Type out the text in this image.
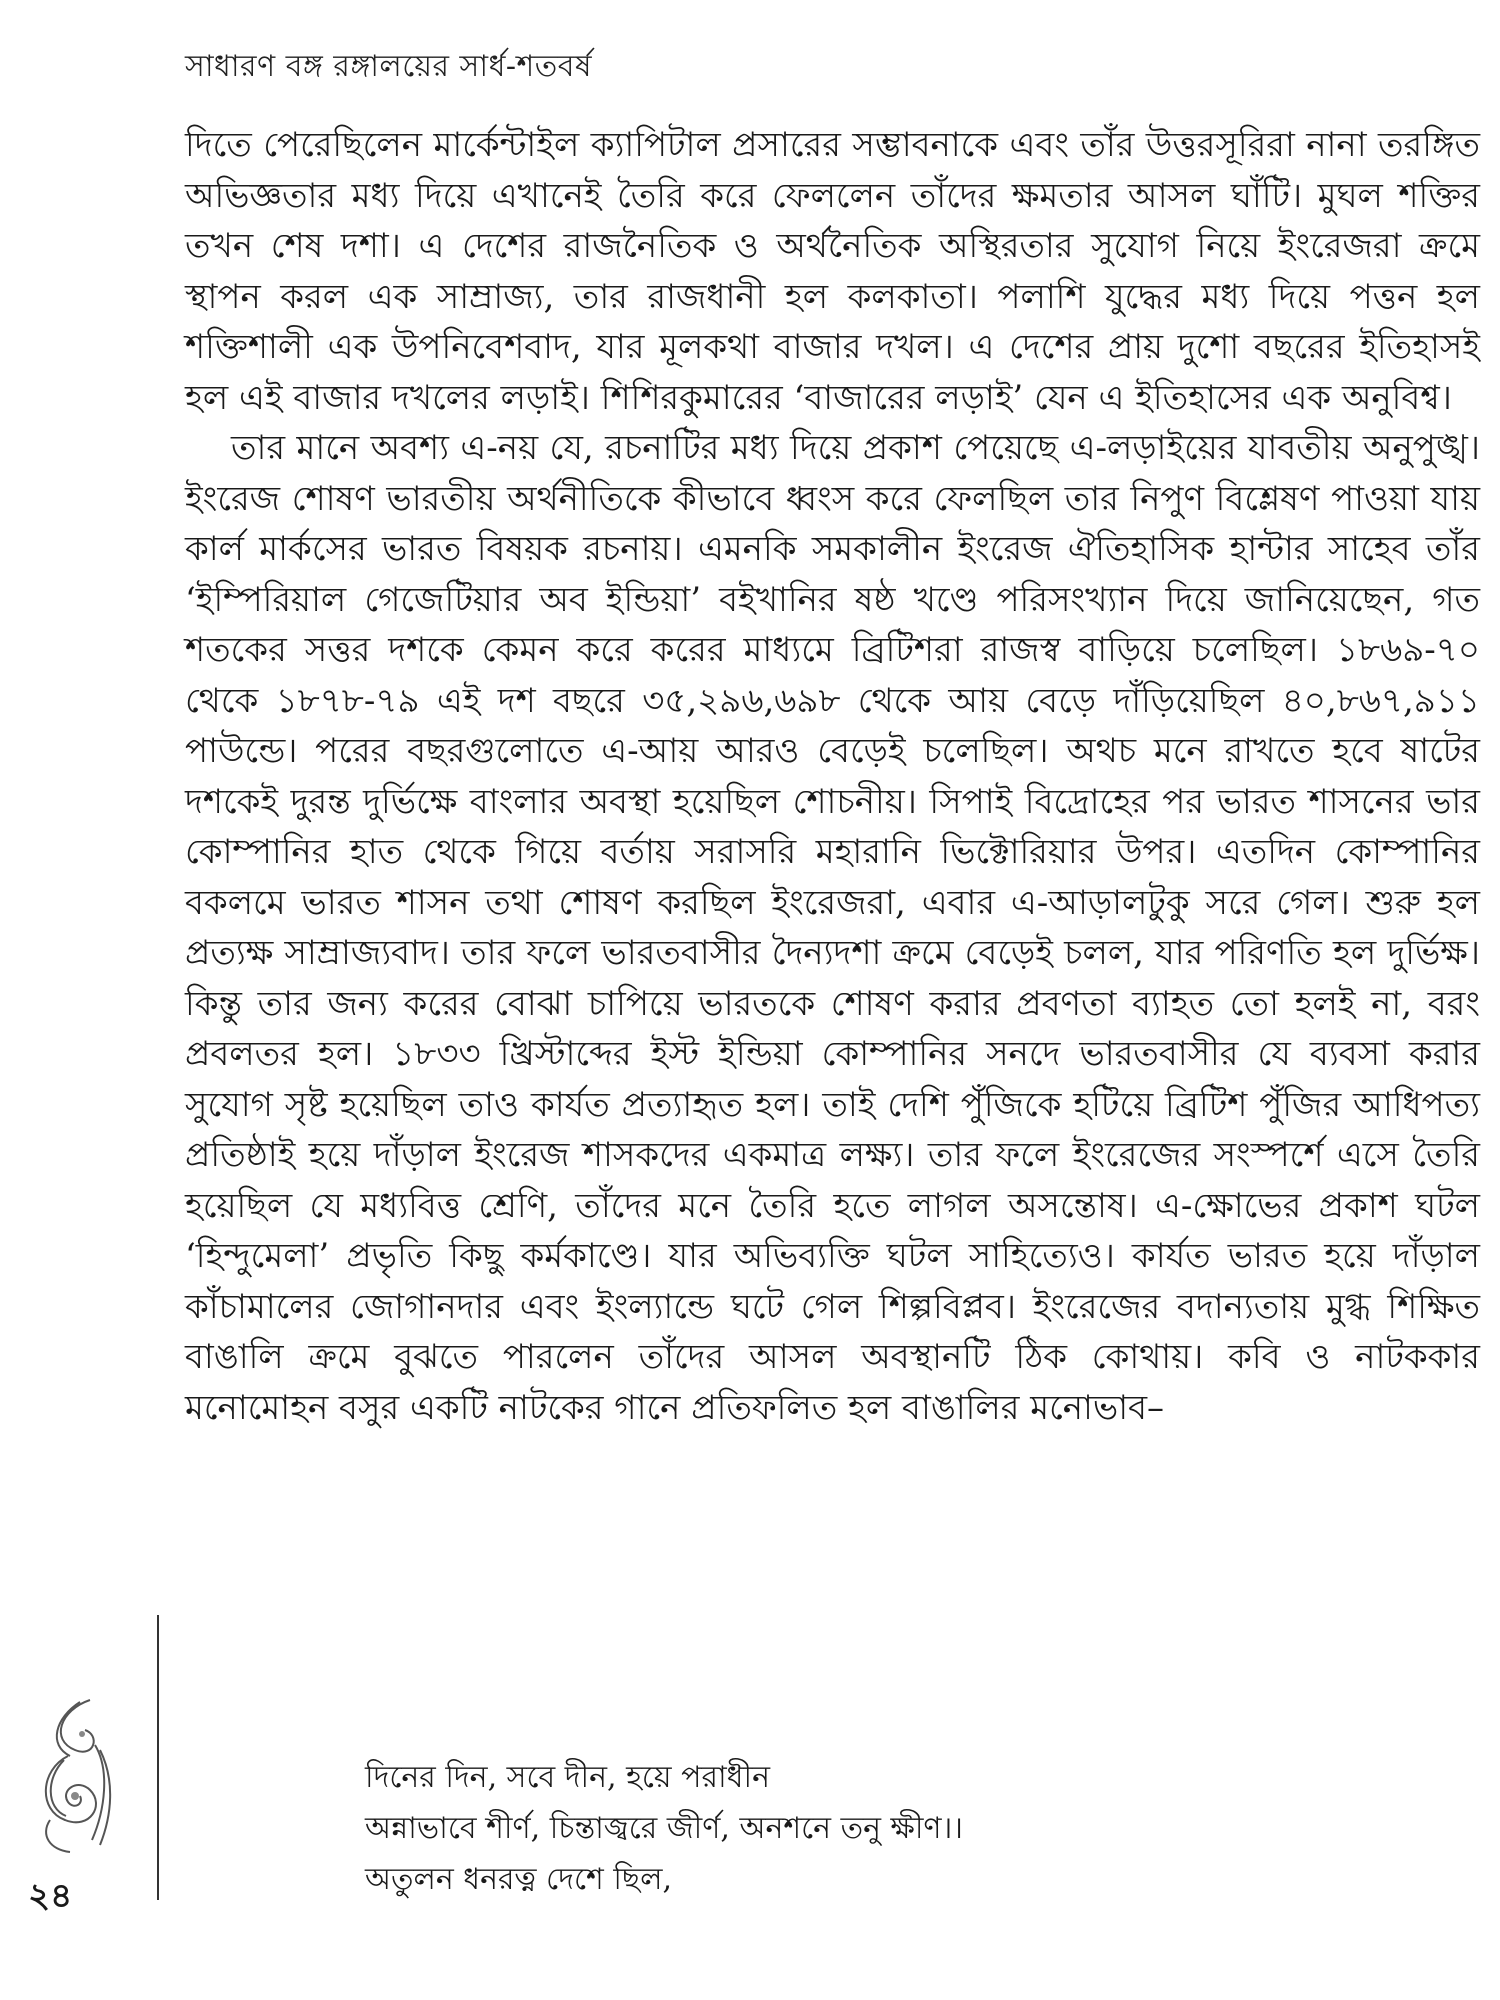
সাধারণ বঙ্গ রঙ্গালয়ের সার্ধ-শতবর্ষ

দিতে পেরেছিলেন মার্কেন্টাইল ক্যাপিটাল প্রসারের সম্ভাবনাকে এবং তাঁর উত্তরসূরিরা নানা তরঙ্গিত অভিজ্ঞতার মধ্য দিয়ে এখানেই তৈরি করে ফেললেন তাঁদের ক্ষমতার আসল ঘাঁটি। মুঘল শক্তির তখন শেষ দশা। এ দেশের রাজনৈতিক ও অর্থনৈতিক অস্থিরতার সুযোগ নিয়ে ইংরেজরা ক্রমে স্থাপন করল এক সাম্রাজ্য, তার রাজধানী হল কলকাতা। পলাশি যুদ্ধের মধ্য দিয়ে পত্তন হল শক্তিশালী এক উপনিবেশবাদ, যার মূলকথা বাজার দখল। এ দেশের প্রায় দুশো বছরের ইতিহাসই হল এই বাজার দখলের লড়াই। শিশিরকুমারের ‘বাজারের লড়াই’ যেন এ ইতিহাসের এক অনুবিশ্ব।

তার মানে অবশ্য এ-নয় যে, রচনাটির মধ্য দিয়ে প্রকাশ পেয়েছে এ-লড়াইয়ের যাবতীয় অনুপুঙ্খ। ইংরেজ শোষণ ভারতীয় অর্থনীতিকে কীভাবে ধ্বংস করে ফেলছিল তার নিপুণ বিশ্লেষণ পাওয়া যায় কার্ল মার্কসের ভারত বিষয়ক রচনায়। এমনকি সমকালীন ইংরেজ ঐতিহাসিক হান্টার সাহেব তাঁর ‘ইম্পিরিয়াল গেজেটিয়ার অব ইন্ডিয়া’ বইখানির ষষ্ঠ খণ্ডে পরিসংখ্যান দিয়ে জানিয়েছেন, গত শতকের সত্তর দশকে কেমন করে করের মাধ্যমে ব্রিটিশরা রাজস্ব বাড়িয়ে চলেছিল। ১৮৬৯-৭০ থেকে ১৮৭৮-৭৯ এই দশ বছরে ৩৫,২৯৬,৬৯৮ থেকে আয় বেড়ে দাঁড়িয়েছিল ৪০,৮৬৭,৯১১ পাউন্ডে। পরের বছরগুলোতে এ-আয় আরও বেড়েই চলেছিল। অথচ মনে রাখতে হবে ষাটের দশকেই দুরন্ত দুর্ভিক্ষে বাংলার অবস্থা হয়েছিল শোচনীয়। সিপাই বিদ্রোহের পর ভারত শাসনের ভার কোম্পানির হাত থেকে গিয়ে বর্তায় সরাসরি মহারানি ভিক্টোরিয়ার উপর। এতদিন কোম্পানির বকলমে ভারত শাসন তথা শোষণ করছিল ইংরেজরা, এবার এ-আড়ালটুকু সরে গেল। শুরু হল প্রত্যক্ষ সাম্রাজ্যবাদ। তার ফলে ভারতবাসীর দৈন্যদশা ক্রমে বেড়েই চলল, যার পরিণতি হল দুর্ভিক্ষ। কিন্তু তার জন্য করের বোঝা চাপিয়ে ভারতকে শোষণ করার প্রবণতা ব্যাহত তো হলই না, বরং প্রবলতর হল। ১৮৩৩ খ্রিস্টাব্দের ইস্ট ইন্ডিয়া কোম্পানির সনদে ভারতবাসীর যে ব্যবসা করার সুযোগ সৃষ্ট হয়েছিল তাও কার্যত প্রত্যাহৃত হল। তাই দেশি পুঁজিকে হটিয়ে ব্রিটিশ পুঁজির আধিপত্য প্রতিষ্ঠাই হয়ে দাঁড়াল ইংরেজ শাসকদের একমাত্র লক্ষ্য। তার ফলে ইংরেজের সংস্পর্শে এসে তৈরি হয়েছিল যে মধ্যবিত্ত শ্রেণি, তাঁদের মনে তৈরি হতে লাগল অসন্তোষ। এ-ক্ষোভের প্রকাশ ঘটল ‘হিন্দুমেলা’ প্রভৃতি কিছু কর্মকাণ্ডে। যার অভিব্যক্তি ঘটল সাহিত্যেও। কার্যত ভারত হয়ে দাঁড়াল কাঁচামালের জোগানদার এবং ইংল্যান্ডে ঘটে গেল শিল্পবিপ্লব। ইংরেজের বদান্যতায় মুগ্ধ শিক্ষিত বাঙালি ক্রমে বুঝতে পারলেন তাঁদের আসল অবস্থানটি ঠিক কোথায়। কবি ও নাটককার মনোমোহন বসুর একটি নাটকের গানে প্রতিফলিত হল বাঙালির মনোভাব–

দিনের দিন, সবে দীন, হয়ে পরাধীন
অন্নাভাবে শীর্ণ, চিন্তাজ্বরে জীর্ণ, অনশনে তনু ক্ষীণ।।
অতুলন ধনরত্ন দেশে ছিল,
২৪
